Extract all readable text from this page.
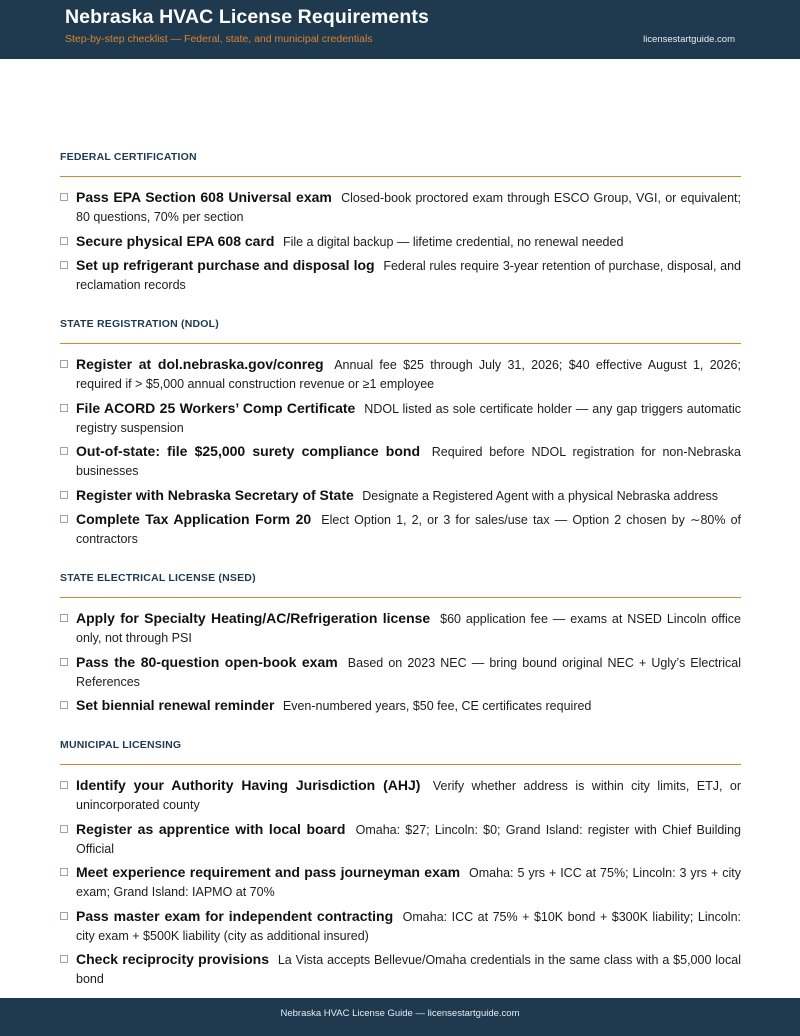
Nebraska HVAC License Requirements
Step-by-step checklist — Federal, state, and municipal credentials	licensestartguide.com
FEDERAL CERTIFICATION
Pass EPA Section 608 Universal exam Closed-book proctored exam through ESCO Group, VGI, or equivalent; 80 questions, 70% per section
Secure physical EPA 608 card File a digital backup — lifetime credential, no renewal needed
Set up refrigerant purchase and disposal log Federal rules require 3-year retention of purchase, disposal, and reclamation records
STATE REGISTRATION (NDOL)
Register at dol.nebraska.gov/conreg Annual fee $25 through July 31, 2026; $40 effective August 1, 2026; required if > $5,000 annual construction revenue or ≥1 employee
File ACORD 25 Workers’ Comp Certificate NDOL listed as sole certificate holder — any gap triggers automatic registry suspension
Out-of-state: file $25,000 surety compliance bond Required before NDOL registration for non-Nebraska businesses
Register with Nebraska Secretary of State Designate a Registered Agent with a physical Nebraska address
Complete Tax Application Form 20 Elect Option 1, 2, or 3 for sales/use tax — Option 2 chosen by ∼80% of contractors
STATE ELECTRICAL LICENSE (NSED)
Apply for Specialty Heating/AC/Refrigeration license $60 application fee — exams at NSED Lincoln office only, not through PSI
Pass the 80-question open-book exam Based on 2023 NEC — bring bound original NEC + Ugly’s Electrical References
Set biennial renewal reminder Even-numbered years, $50 fee, CE certificates required
MUNICIPAL LICENSING
Identify your Authority Having Jurisdiction (AHJ) Verify whether address is within city limits, ETJ, or unincorporated county
Register as apprentice with local board Omaha: $27; Lincoln: $0; Grand Island: register with Chief Building Official
Meet experience requirement and pass journeyman exam Omaha: 5 yrs + ICC at 75%; Lincoln: 3 yrs + city exam; Grand Island: IAPMO at 70%
Pass master exam for independent contracting Omaha: ICC at 75% + $10K bond + $300K liability; Lincoln: city exam + $500K liability (city as additional insured)
Check reciprocity provisions La Vista accepts Bellevue/Omaha credentials in the same class with a $5,000 local bond
Nebraska HVAC License Guide — licensestartguide.com
